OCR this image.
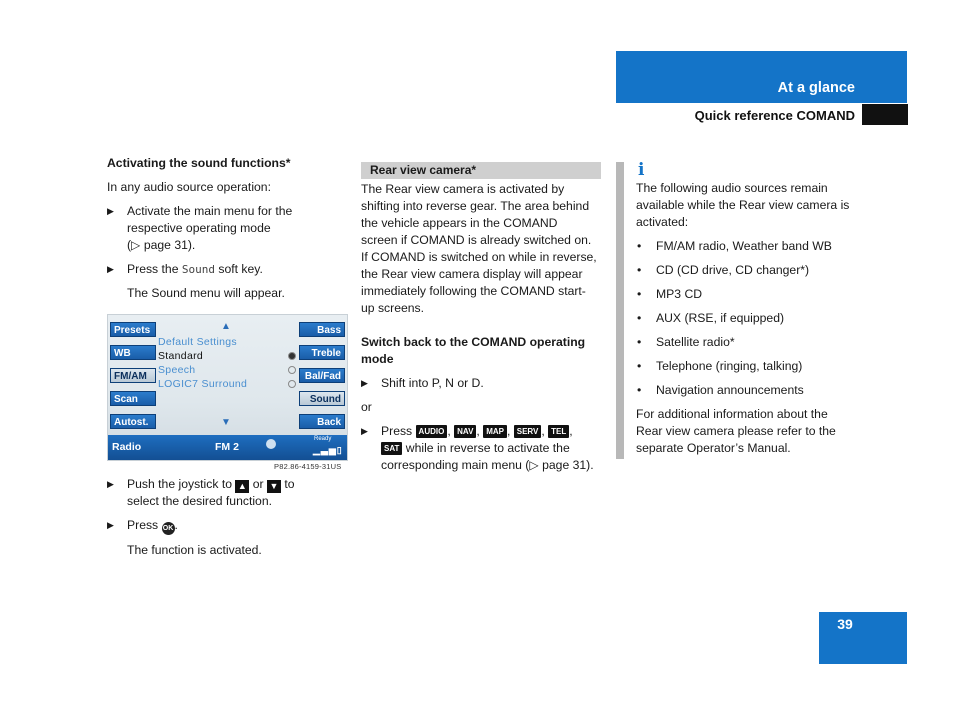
At a glance
Quick reference COMAND

Activating the sound functions*

In any audio source operation:

▶ Activate the main menu for the
respective operating mode
(▷ page 31).
▶ Press the Sound soft key.
The Sound menu will appear.
Presets
WB
FM/AM
Scan
Autost.
Bass
Treble
Bal/Fad
Sound
Back
▲
Default Settings
Standard
Speech
LOGIC7 Surround
▼
Radio	FM 2
Ready
▁▃▅▯
P82.86-4159-31US
▶ Push the joystick to ▲ or ▼ to
select the desired function.
▶ Press OK.
The function is activated.
Rear view camera*
The Rear view camera is activated by
shifting into reverse gear. The area behind
the vehicle appears in the COMAND
screen if COMAND is already switched on.
If COMAND is switched on while in reverse,
the Rear view camera display will appear
immediately following the COMAND start-
up screens.
Switch back to the COMAND operating
mode
▶ Shift into P, N or D.
or
▶ Press AUDIO , NAV , MAP , SERV , TEL ,
SAT while in reverse to activate the
corresponding main menu (▷ page 31).
i
The following audio sources remain
available while the Rear view camera is
activated:
• FM/AM radio, Weather band WB
• CD (CD drive, CD changer*)
• MP3 CD
• AUX (RSE, if equipped)
• Satellite radio*
• Telephone (ringing, talking)
• Navigation announcements
For additional information about the
Rear view camera please refer to the
separate Operator’s Manual.
39
